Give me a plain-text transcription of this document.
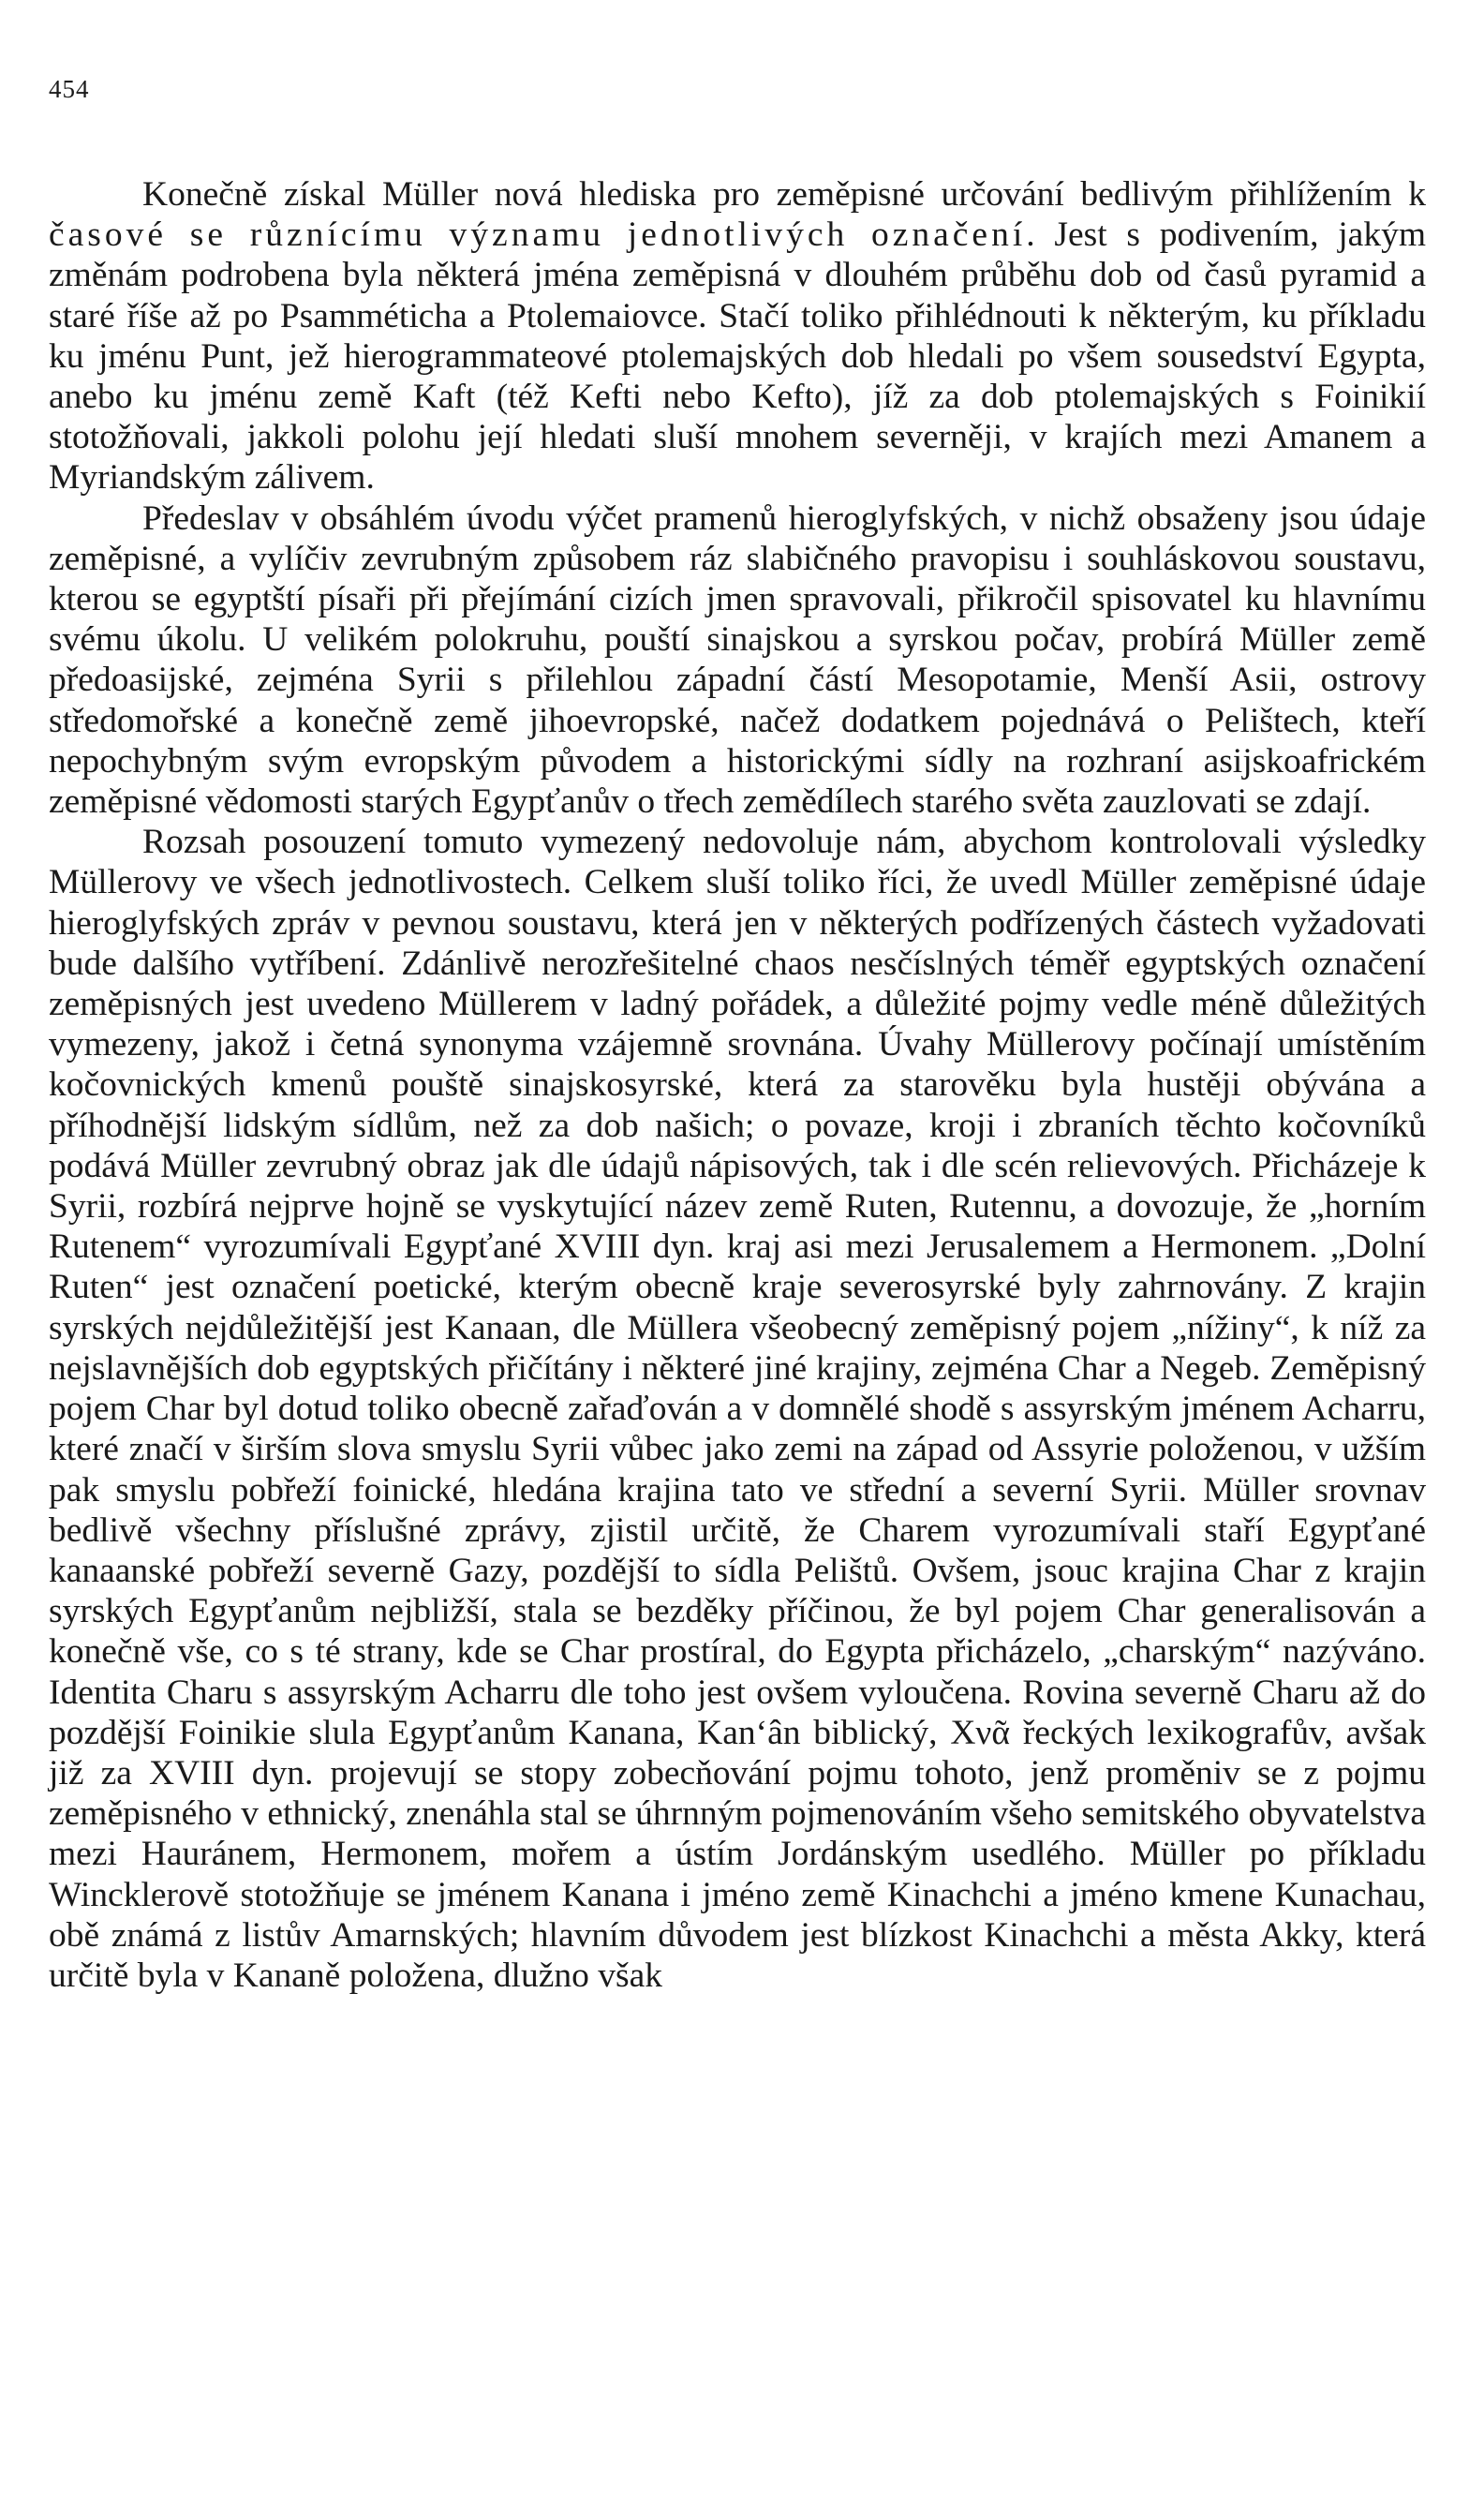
454

Konečně získal Müller nová hlediska pro zeměpisné určování bedlivým přihlížením k časové se různícímu významu jednotlivých označení. Jest s podivením, jakým změnám podrobena byla některá jména zeměpisná v dlouhém průběhu dob od časů pyramid a staré říše až po Psamméticha a Ptolemaiovce. Stačí toliko přihlédnouti k některým, ku příkladu ku jménu Punt, jež hierogrammateové ptolemajských dob hledali po všem sousedství Egypta, anebo ku jménu země Kaft (též Kefti nebo Kefto), jíž za dob ptolemajských s Foinikií stotožňovali, jakkoli polohu její hledati sluší mnohem severněji, v krajích mezi Amanem a Myriandským zálivem.

Předeslav v obsáhlém úvodu výčet pramenů hieroglyfských, v nichž obsaženy jsou údaje zeměpisné, a vylíčiv zevrubným způsobem ráz slabičného pravopisu i souhláskovou soustavu, kterou se egyptští písaři při přejímání cizích jmen spravovali, přikročil spisovatel ku hlavnímu svému úkolu. U velikém polokruhu, pouští sinajskou a syrskou počav, probírá Müller země předoasijské, zejména Syrii s přilehlou západní částí Mesopotamie, Menší Asii, ostrovy středomořské a konečně země jihoevropské, načež dodatkem pojednává o Pelištech, kteří nepochybným svým evropským původem a historickými sídly na rozhraní asijskoafrickém zeměpisné vědomosti starých Egypťanův o třech zemědílech starého světa zauzlovati se zdají.

Rozsah posouzení tomuto vymezený nedovoluje nám, abychom kontrolovali výsledky Müllerovy ve všech jednotlivostech. Celkem sluší toliko říci, že uvedl Müller zeměpisné údaje hieroglyfských zpráv v pevnou soustavu, která jen v některých podřízených částech vyžadovati bude dalšího vytříbení. Zdánlivě nerozřešitelné chaos nesčíslných téměř egyptských označení zeměpisných jest uvedeno Müllerem v ladný pořádek, a důležité pojmy vedle méně důležitých vymezeny, jakož i četná synonyma vzájemně srovnána. Úvahy Müllerovy počínají umístěním kočovnických kmenů pouště sinajskosyrské, která za starověku byla hustěji obývána a příhodnější lidským sídlům, než za dob našich; o povaze, kroji i zbraních těchto kočovníků podává Müller zevrubný obraz jak dle údajů nápisových, tak i dle scén relievových. Přicházeje k Syrii, rozbírá nejprve hojně se vyskytující název země Ruten, Rutennu, a dovozuje, že „horním Rutenem“ vyrozumívali Egypťané XVIII dyn. kraj asi mezi Jerusalemem a Hermonem. „Dolní Ruten“ jest označení poetické, kterým obecně kraje severosyrské byly zahrnovány. Z krajin syrských nejdůležitější jest Kanaan, dle Müllera všeobecný zeměpisný pojem „nížiny“, k níž za nejslavnějších dob egyptských přičítány i některé jiné krajiny, zejména Char a Negeb. Zeměpisný pojem Char byl dotud toliko obecně zařaďován a v domnělé shodě s assyrským jménem Acharru, které značí v širším slova smyslu Syrii vůbec jako zemi na západ od Assyrie položenou, v užším pak smyslu pobřeží foinické, hledána krajina tato ve střední a severní Syrii. Müller srovnav bedlivě všechny příslušné zprávy, zjistil určitě, že Charem vyrozumívali staří Egypťané kanaanské pobřeží severně Gazy, pozdější to sídla Pelištů. Ovšem, jsouc krajina Char z krajin syrských Egypťanům nejbližší, stala se bezděky příčinou, že byl pojem Char generalisován a konečně vše, co s té strany, kde se Char prostíral, do Egypta přicházelo, „charským“ nazýváno. Identita Charu s assyrským Acharru dle toho jest ovšem vyloučena. Rovina severně Charu až do pozdější Foinikie slula Egypťanům Kanana, Kan‘ân biblický, Χνᾶ řeckých lexikografův, avšak již za XVIII dyn. projevují se stopy zobecňování pojmu tohoto, jenž proměniv se z pojmu zeměpisného v ethnický, znenáhla stal se úhrnným pojmenováním všeho semitského obyvatelstva mezi Hauránem, Hermonem, mořem a ústím Jordánským usedlého. Müller po příkladu Wincklerově stotožňuje se jménem Kanana i jméno země Kinachchi a jméno kmene Kunachau, obě známá z listův Amarnských; hlavním důvodem jest blízkost Kinachchi a města Akky, která určitě byla v Kananě položena, dlužno však
